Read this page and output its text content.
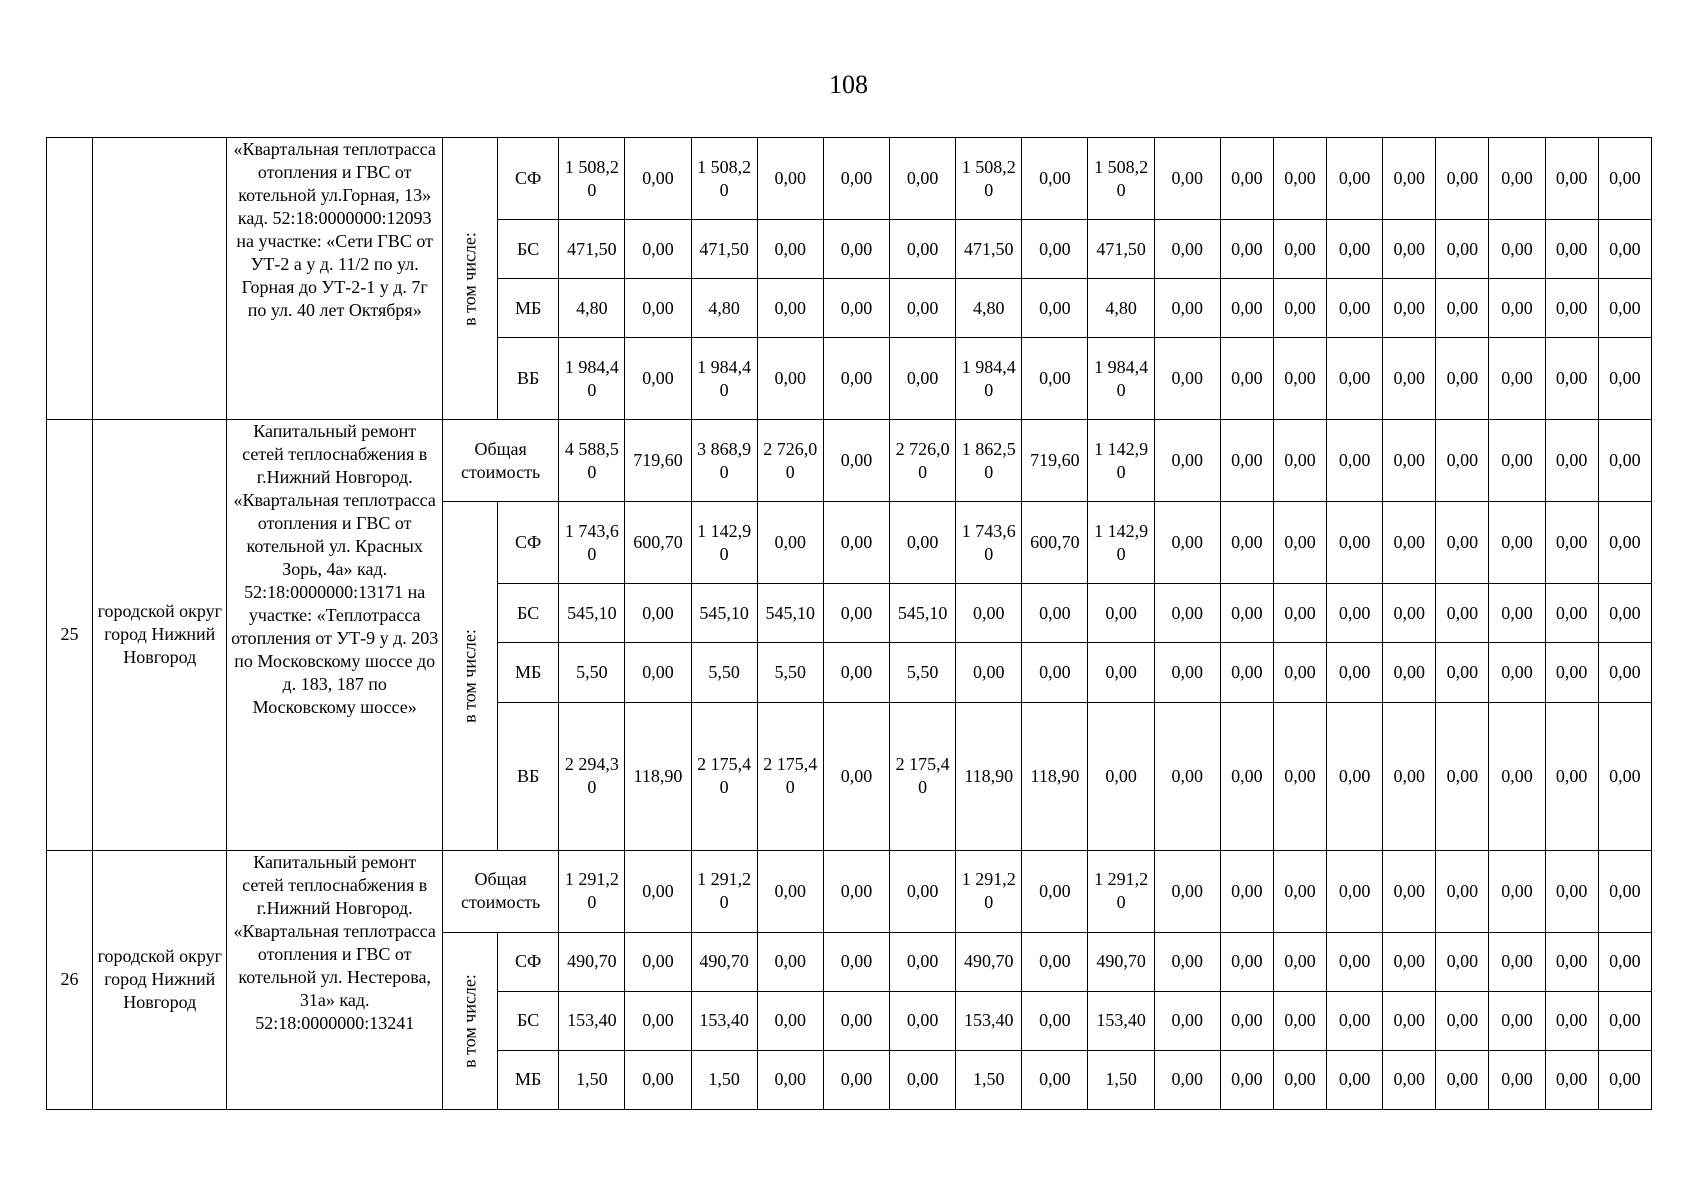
108
		«Квартальная теплотрасса отопления и ГВС от котельной ул.Горная, 13» кад. 52:18:0000000:12093 на участке: «Сети ГВС от УТ-2 а у д. 11/2 по ул. Горная до УТ-2-1 у д. 7г по ул. 40 лет Октября»	в том числе:	СФ	1 508,20	0,00	1 508,20	0,00	0,00	0,00	1 508,20	0,00	1 508,20	0,00	0,00	0,00	0,00	0,00	0,00	0,00	0,00	0,00
				БС	471,50	0,00	471,50	0,00	0,00	0,00	471,50	0,00	471,50	0,00	0,00	0,00	0,00	0,00	0,00	0,00	0,00	0,00
				МБ	4,80	0,00	4,80	0,00	0,00	0,00	4,80	0,00	4,80	0,00	0,00	0,00	0,00	0,00	0,00	0,00	0,00	0,00
				ВБ	1 984,40	0,00	1 984,40	0,00	0,00	0,00	1 984,40	0,00	1 984,40	0,00	0,00	0,00	0,00	0,00	0,00	0,00	0,00	0,00
25	городской округ город Нижний Новгород	Капитальный ремонт сетей теплоснабжения в г.Нижний Новгород. «Квартальная теплотрасса отопления и ГВС от котельной ул. Красных Зорь, 4а» кад. 52:18:0000000:13171 на участке: «Теплотрасса отопления от УТ-9 у д. 203 по Московскому шоссе до д. 183, 187 по Московскому шоссе»	Общая стоимость		4 588,50	719,60	3 868,90	2 726,00	0,00	2 726,00	1 862,50	719,60	1 142,90	0,00	0,00	0,00	0,00	0,00	0,00	0,00	0,00	0,00

			в том числе:	СФ	1 743,60	600,70	1 142,90	0,00	0,00	0,00	1 743,60	600,70	1 142,90	0,00	0,00	0,00	0,00	0,00	0,00	0,00	0,00	0,00
				БС	545,10	0,00	545,10	545,10	0,00	545,10	0,00	0,00	0,00	0,00	0,00	0,00	0,00	0,00	0,00	0,00	0,00	0,00
				МБ	5,50	0,00	5,50	5,50	0,00	5,50	0,00	0,00	0,00	0,00	0,00	0,00	0,00	0,00	0,00	0,00	0,00	0,00
				ВБ	2 294,30	118,90	2 175,40	2 175,40	0,00	2 175,40	118,90	118,90	0,00	0,00	0,00	0,00	0,00	0,00	0,00	0,00	0,00	0,00
26	городской округ город Нижний Новгород	Капитальный ремонт сетей теплоснабжения в г.Нижний Новгород. «Квартальная теплотрасса отопления и ГВС от котельной ул. Нестерова, 31а» кад. 52:18:0000000:13241	Общая стоимость		1 291,20	0,00	1 291,20	0,00	0,00	0,00	1 291,20	0,00	1 291,20	0,00	0,00	0,00	0,00	0,00	0,00	0,00	0,00	0,00

			в том числе:	СФ	490,70	0,00	490,70	0,00	0,00	0,00	490,70	0,00	490,70	0,00	0,00	0,00	0,00	0,00	0,00	0,00	0,00	0,00
				БС	153,40	0,00	153,40	0,00	0,00	0,00	153,40	0,00	153,40	0,00	0,00	0,00	0,00	0,00	0,00	0,00	0,00	0,00
				МБ	1,50	0,00	1,50	0,00	0,00	0,00	1,50	0,00	1,50	0,00	0,00	0,00	0,00	0,00	0,00	0,00	0,00	0,00
